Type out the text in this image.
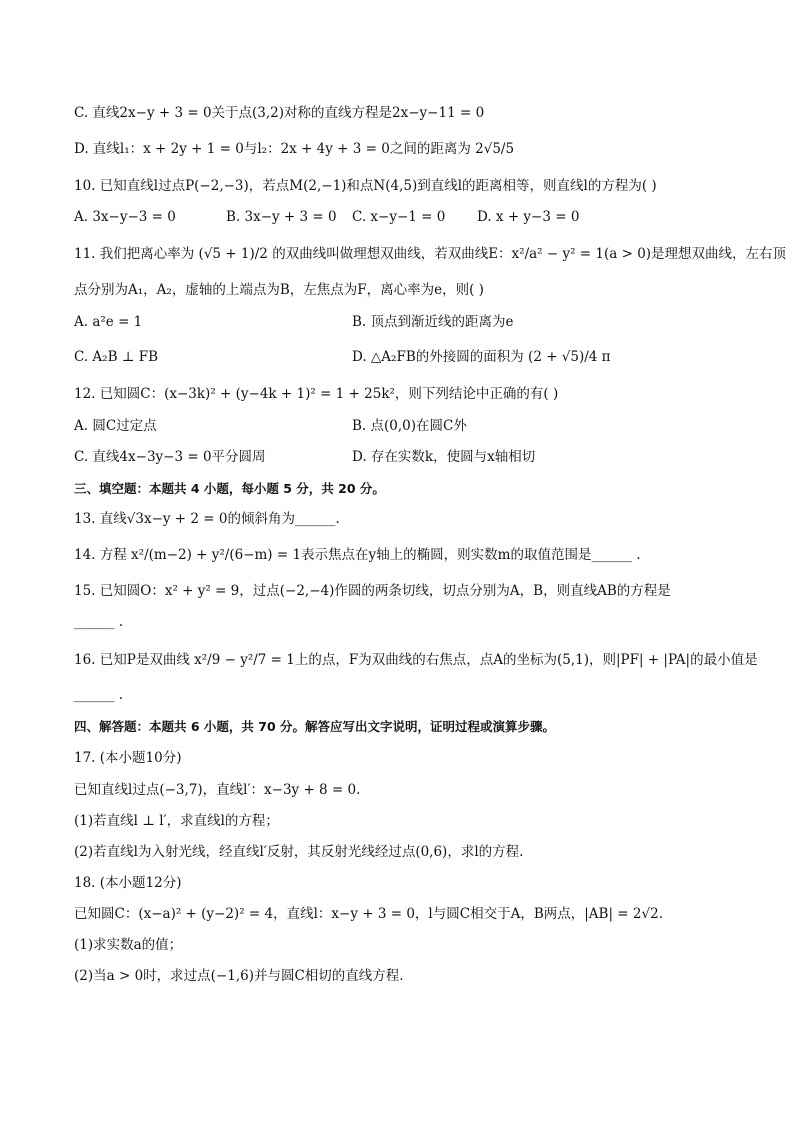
C. 直线2x−y + 3 = 0关于点(3,2)对称的直线方程是2x−y−11 = 0
D. 直线l₁：x + 2y + 1 = 0与l₂：2x + 4y + 3 = 0之间的距离为 2√5/5
10. 已知直线l过点P(−2,−3)，若点M(2,−1)和点N(4,5)到直线l的距离相等，则直线l的方程为( )
A. 3x−y−3 = 0	B. 3x−y + 3 = 0 C. x−y−1 = 0 D. x + y−3 = 0
11. 我们把离心率为 (√5 + 1)/2 的双曲线叫做理想双曲线，若双曲线E：x²/a² − y² = 1(a > 0)是理想双曲线，左右顶
点分别为A₁，A₂，虚轴的上端点为B，左焦点为F，离心率为e，则( )
A. a²e = 1	B. 顶点到渐近线的距离为e
C. A₂B ⊥ FB	D. △A₂FB的外接圆的面积为 (2 + √5)/4 π
12. 已知圆C：(x−3k)² + (y−4k + 1)² = 1 + 25k²，则下列结论中正确的有( )
A. 圆C过定点	B. 点(0,0)在圆C外
C. 直线4x−3y−3 = 0平分圆周	D. 存在实数k，使圆与x轴相切
三、填空题：本题共 4 小题，每小题 5 分，共 20 分。
13. 直线√3x−y + 2 = 0的倾斜角为______.
14. 方程 x²/(m−2) + y²/(6−m) = 1表示焦点在y轴上的椭圆，则实数m的取值范围是______ .
15. 已知圆O：x² + y² = 9，过点(−2,−4)作圆的两条切线，切点分别为A，B，则直线AB的方程是
______ .
16. 已知P是双曲线 x²/9 − y²/7 = 1上的点，F为双曲线的右焦点，点A的坐标为(5,1)，则|PF| + |PA|的最小值是
______ .
四、解答题：本题共 6 小题，共 70 分。解答应写出文字说明，证明过程或演算步骤。
17. (本小题10分)
已知直线l过点(−3,7)，直线l′：x−3y + 8 = 0.
(1)若直线l ⊥ l′，求直线l的方程；
(2)若直线l为入射光线，经直线l′反射，其反射光线经过点(0,6)，求l的方程.
18. (本小题12分)
已知圆C：(x−a)² + (y−2)² = 4，直线l：x−y + 3 = 0，l与圆C相交于A，B两点，|AB| = 2√2.
(1)求实数a的值；
(2)当a > 0时，求过点(−1,6)并与圆C相切的直线方程.
